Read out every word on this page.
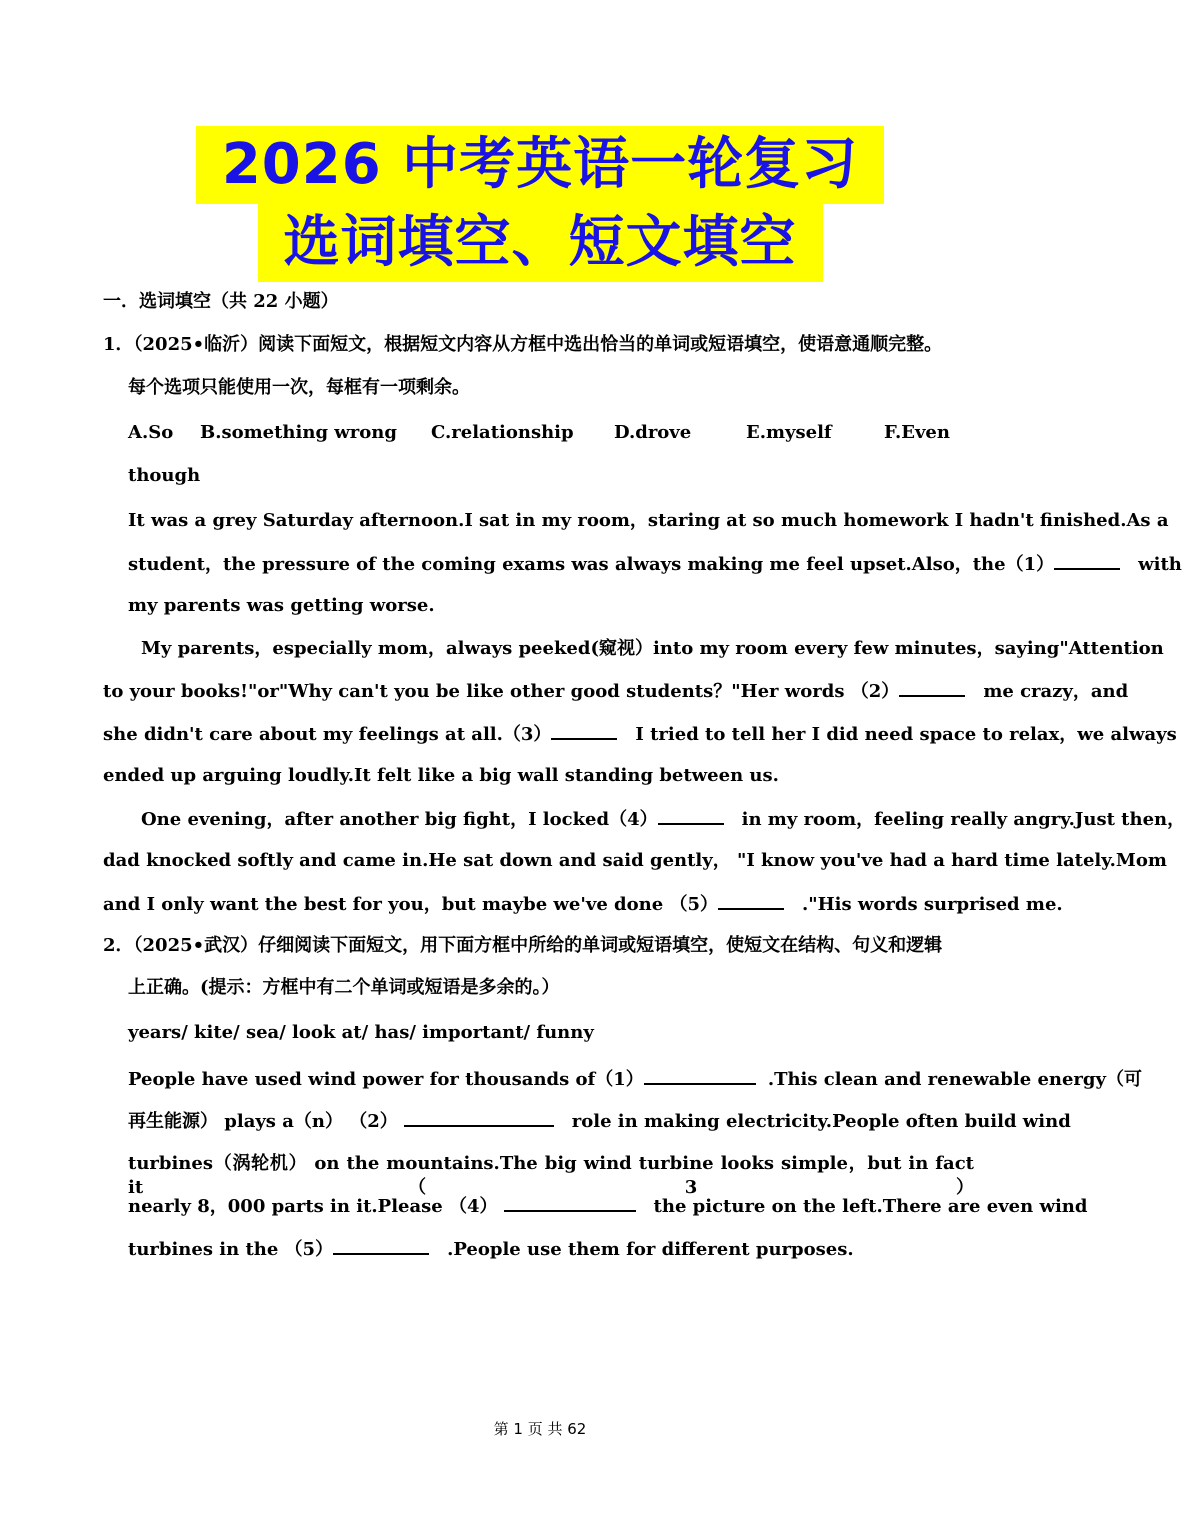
2026 中考英语一轮复习
选词填空、短文填空
一．选词填空（共 22 小题）
1．（2025•临沂）阅读下面短文，根据短文内容从方框中选出恰当的单词或短语填空，使语意通顺完整。
每个选项只能使用一次，每框有一项剩余。
A.So B.something wrong C.relationship D.drove	E.myself	F.Even
though
It was a grey Saturday afternoon.I sat in my room，staring at so much homework I hadn't finished.As a
student，the pressure of the coming exams was always making me feel upset.Also，the（1）	with
my parents was getting worse.
My parents，especially mom，always peeked(窥视）into my room every few minutes，saying"Attention
to your books!"or"Why can't you be like other good students？"Her words （2）	me crazy，and
she didn't care about my feelings at all.（3）	I tried to tell her I did need space to relax，we always
ended up arguing loudly.It felt like a big wall standing between us.
One evening，after another big fight，I locked（4）	in my room，feeling really angry.Just then，
dad knocked softly and came in.He sat down and said gently， "I know you've had a hard time lately.Mom
and I only want the best for you，but maybe we've done （5）	."His words surprised me.
2．（2025•武汉）仔细阅读下面短文，用下面方框中所给的单词或短语填空，使短文在结构、句义和逻辑
上正确。(提示：方框中有二个单词或短语是多余的。）
years/ kite/ sea/ look at/ has/ important/ funny
People have used wind power for thousands of（1）	.This clean and renewable energy（可
再生能源） plays a（n） （2）	role in making electricity.People often build wind
turbines（涡轮机） on the mountains.The big wind turbine looks simple，but in fact it （3）
nearly 8，000 parts in it.Please （4）	the picture on the left.There are even wind
turbines in the （5）	.People use them for different purposes.
第 1 页 共 62
